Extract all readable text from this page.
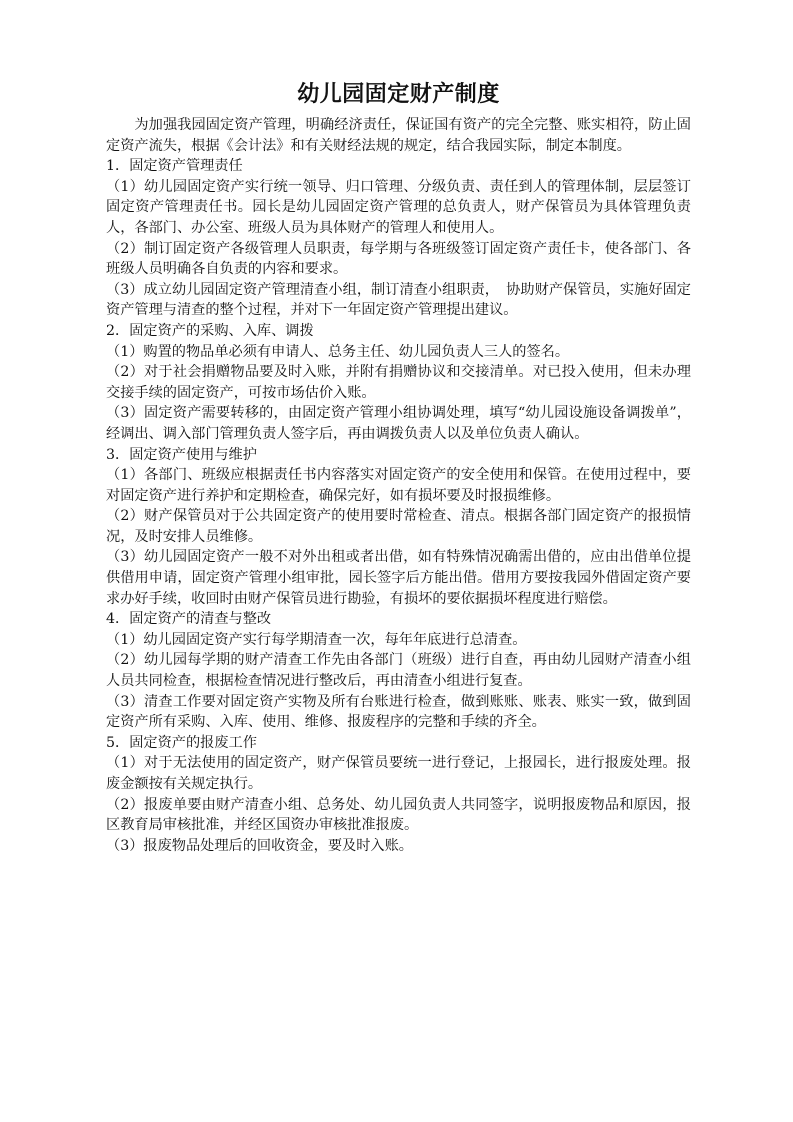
幼儿园固定财产制度

为加强我园固定资产管理，明确经济责任，保证国有资产的完全完整、账实相符，防止固定资产流失，根据《会计法》和有关财经法规的规定，结合我园实际，制定本制度。

1．固定资产管理责任

（1）幼儿园固定资产实行统一领导、归口管理、分级负责、责任到人的管理体制，层层签订固定资产管理责任书。园长是幼儿园固定资产管理的总负责人，财产保管员为具体管理负责人，各部门、办公室、班级人员为具体财产的管理人和使用人。

（2）制订固定资产各级管理人员职责，每学期与各班级签订固定资产责任卡，使各部门、各班级人员明确各自负责的内容和要求。

（3）成立幼儿园固定资产管理清查小组，制订清查小组职责，　协助财产保管员，实施好固定资产管理与清查的整个过程，并对下一年固定资产管理提出建议。

2．固定资产的采购、入库、调拨

（1）购置的物品单必须有申请人、总务主任、幼儿园负责人三人的签名。

（2）对于社会捐赠物品要及时入账，并附有捐赠协议和交接清单。对已投入使用，但未办理交接手续的固定资产，可按市场估价入账。

（3）固定资产需要转移的，由固定资产管理小组协调处理，填写“幼儿园设施设备调拨单”，经调出、调入部门管理负责人签字后，再由调拨负责人以及单位负责人确认。

3．固定资产使用与维护

（1）各部门、班级应根据责任书内容落实对固定资产的安全使用和保管。在使用过程中，要对固定资产进行养护和定期检查，确保完好，如有损坏要及时报损维修。

（2）财产保管员对于公共固定资产的使用要时常检查、清点。根据各部门固定资产的报损情况，及时安排人员维修。

（3）幼儿园固定资产一般不对外出租或者出借，如有特殊情况确需出借的，应由出借单位提供借用申请，固定资产管理小组审批，园长签字后方能出借。借用方要按我园外借固定资产要求办好手续，收回时由财产保管员进行勘验，有损坏的要依据损坏程度进行赔偿。

4．固定资产的清查与整改

（1）幼儿园固定资产实行每学期清查一次，每年年底进行总清查。

（2）幼儿园每学期的财产清查工作先由各部门（班级）进行自查，再由幼儿园财产清查小组人员共同检查，根据检查情况进行整改后，再由清查小组进行复查。

（3）清查工作要对固定资产实物及所有台账进行检查，做到账账、账表、账实一致，做到固定资产所有采购、入库、使用、维修、报废程序的完整和手续的齐全。

5．固定资产的报废工作

（1）对于无法使用的固定资产，财产保管员要统一进行登记，上报园长，进行报废处理。报废金额按有关规定执行。

（2）报废单要由财产清查小组、总务处、幼儿园负责人共同签字，说明报废物品和原因，报区教育局审核批准，并经区国资办审核批准报废。

（3）报废物品处理后的回收资金，要及时入账。
